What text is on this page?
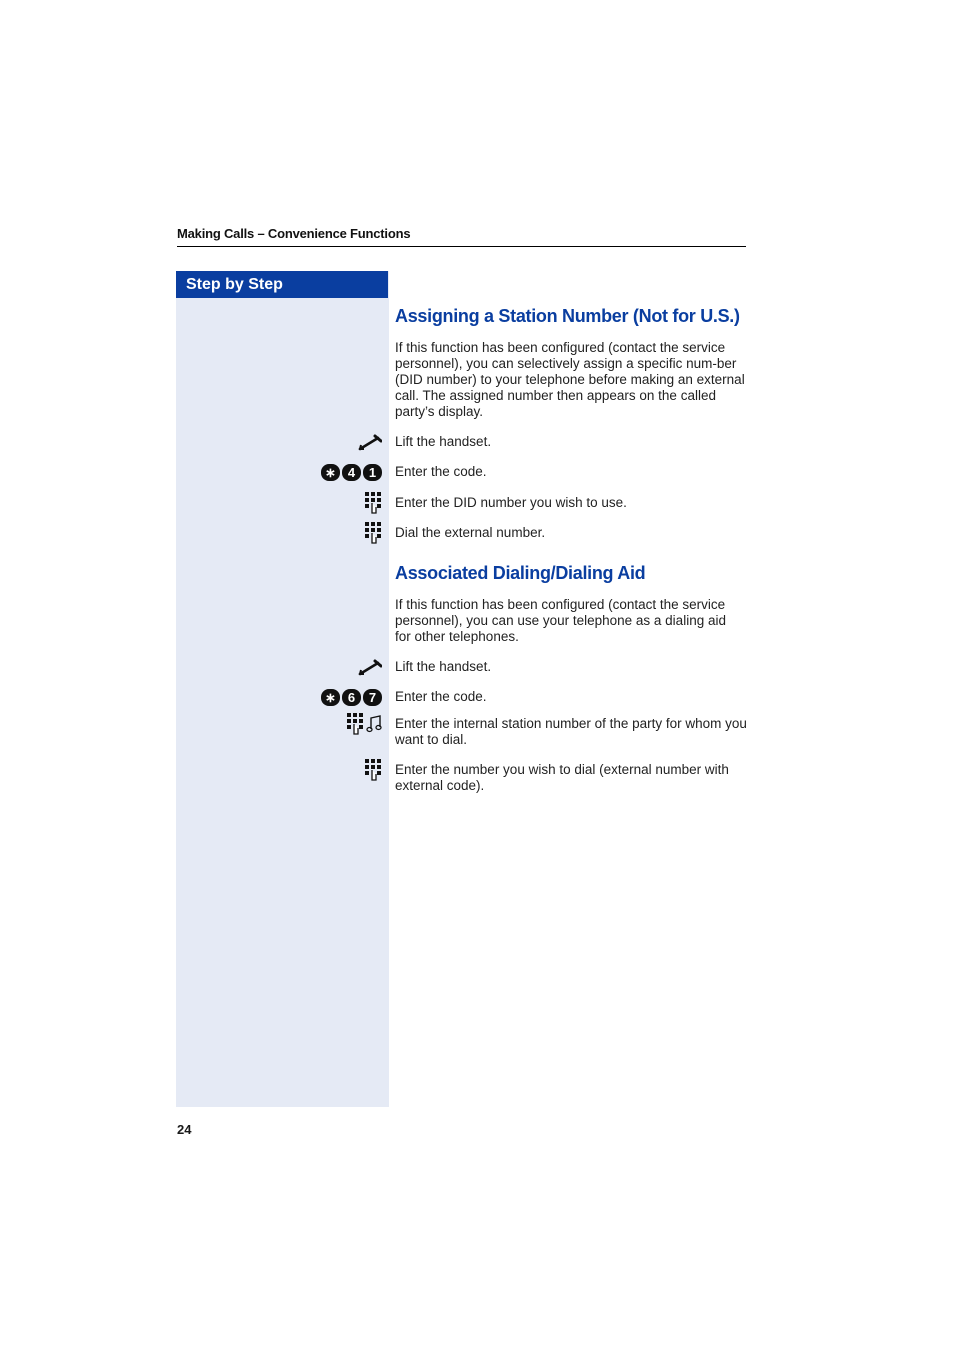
Making Calls – Convenience Functions
Step by Step
Assigning a Station Number (Not for U.S.)
If this function has been configured (contact the service personnel), you can selectively assign a specific num-ber (DID number) to your telephone before making an external call. The assigned number then appears on the called party’s display.
Lift the handset.
∗ 4	1	Enter the code.
Enter the DID number you wish to use.
Dial the external number.
Associated Dialing/Dialing Aid
If this function has been configured (contact the service personnel), you can use your telephone as a dialing aid for other telephones.
Lift the handset.
∗ 6	7	Enter the code.
Enter the internal station number of the party for whom you want to dial.
Enter the number you wish to dial (external number with external code).
24
